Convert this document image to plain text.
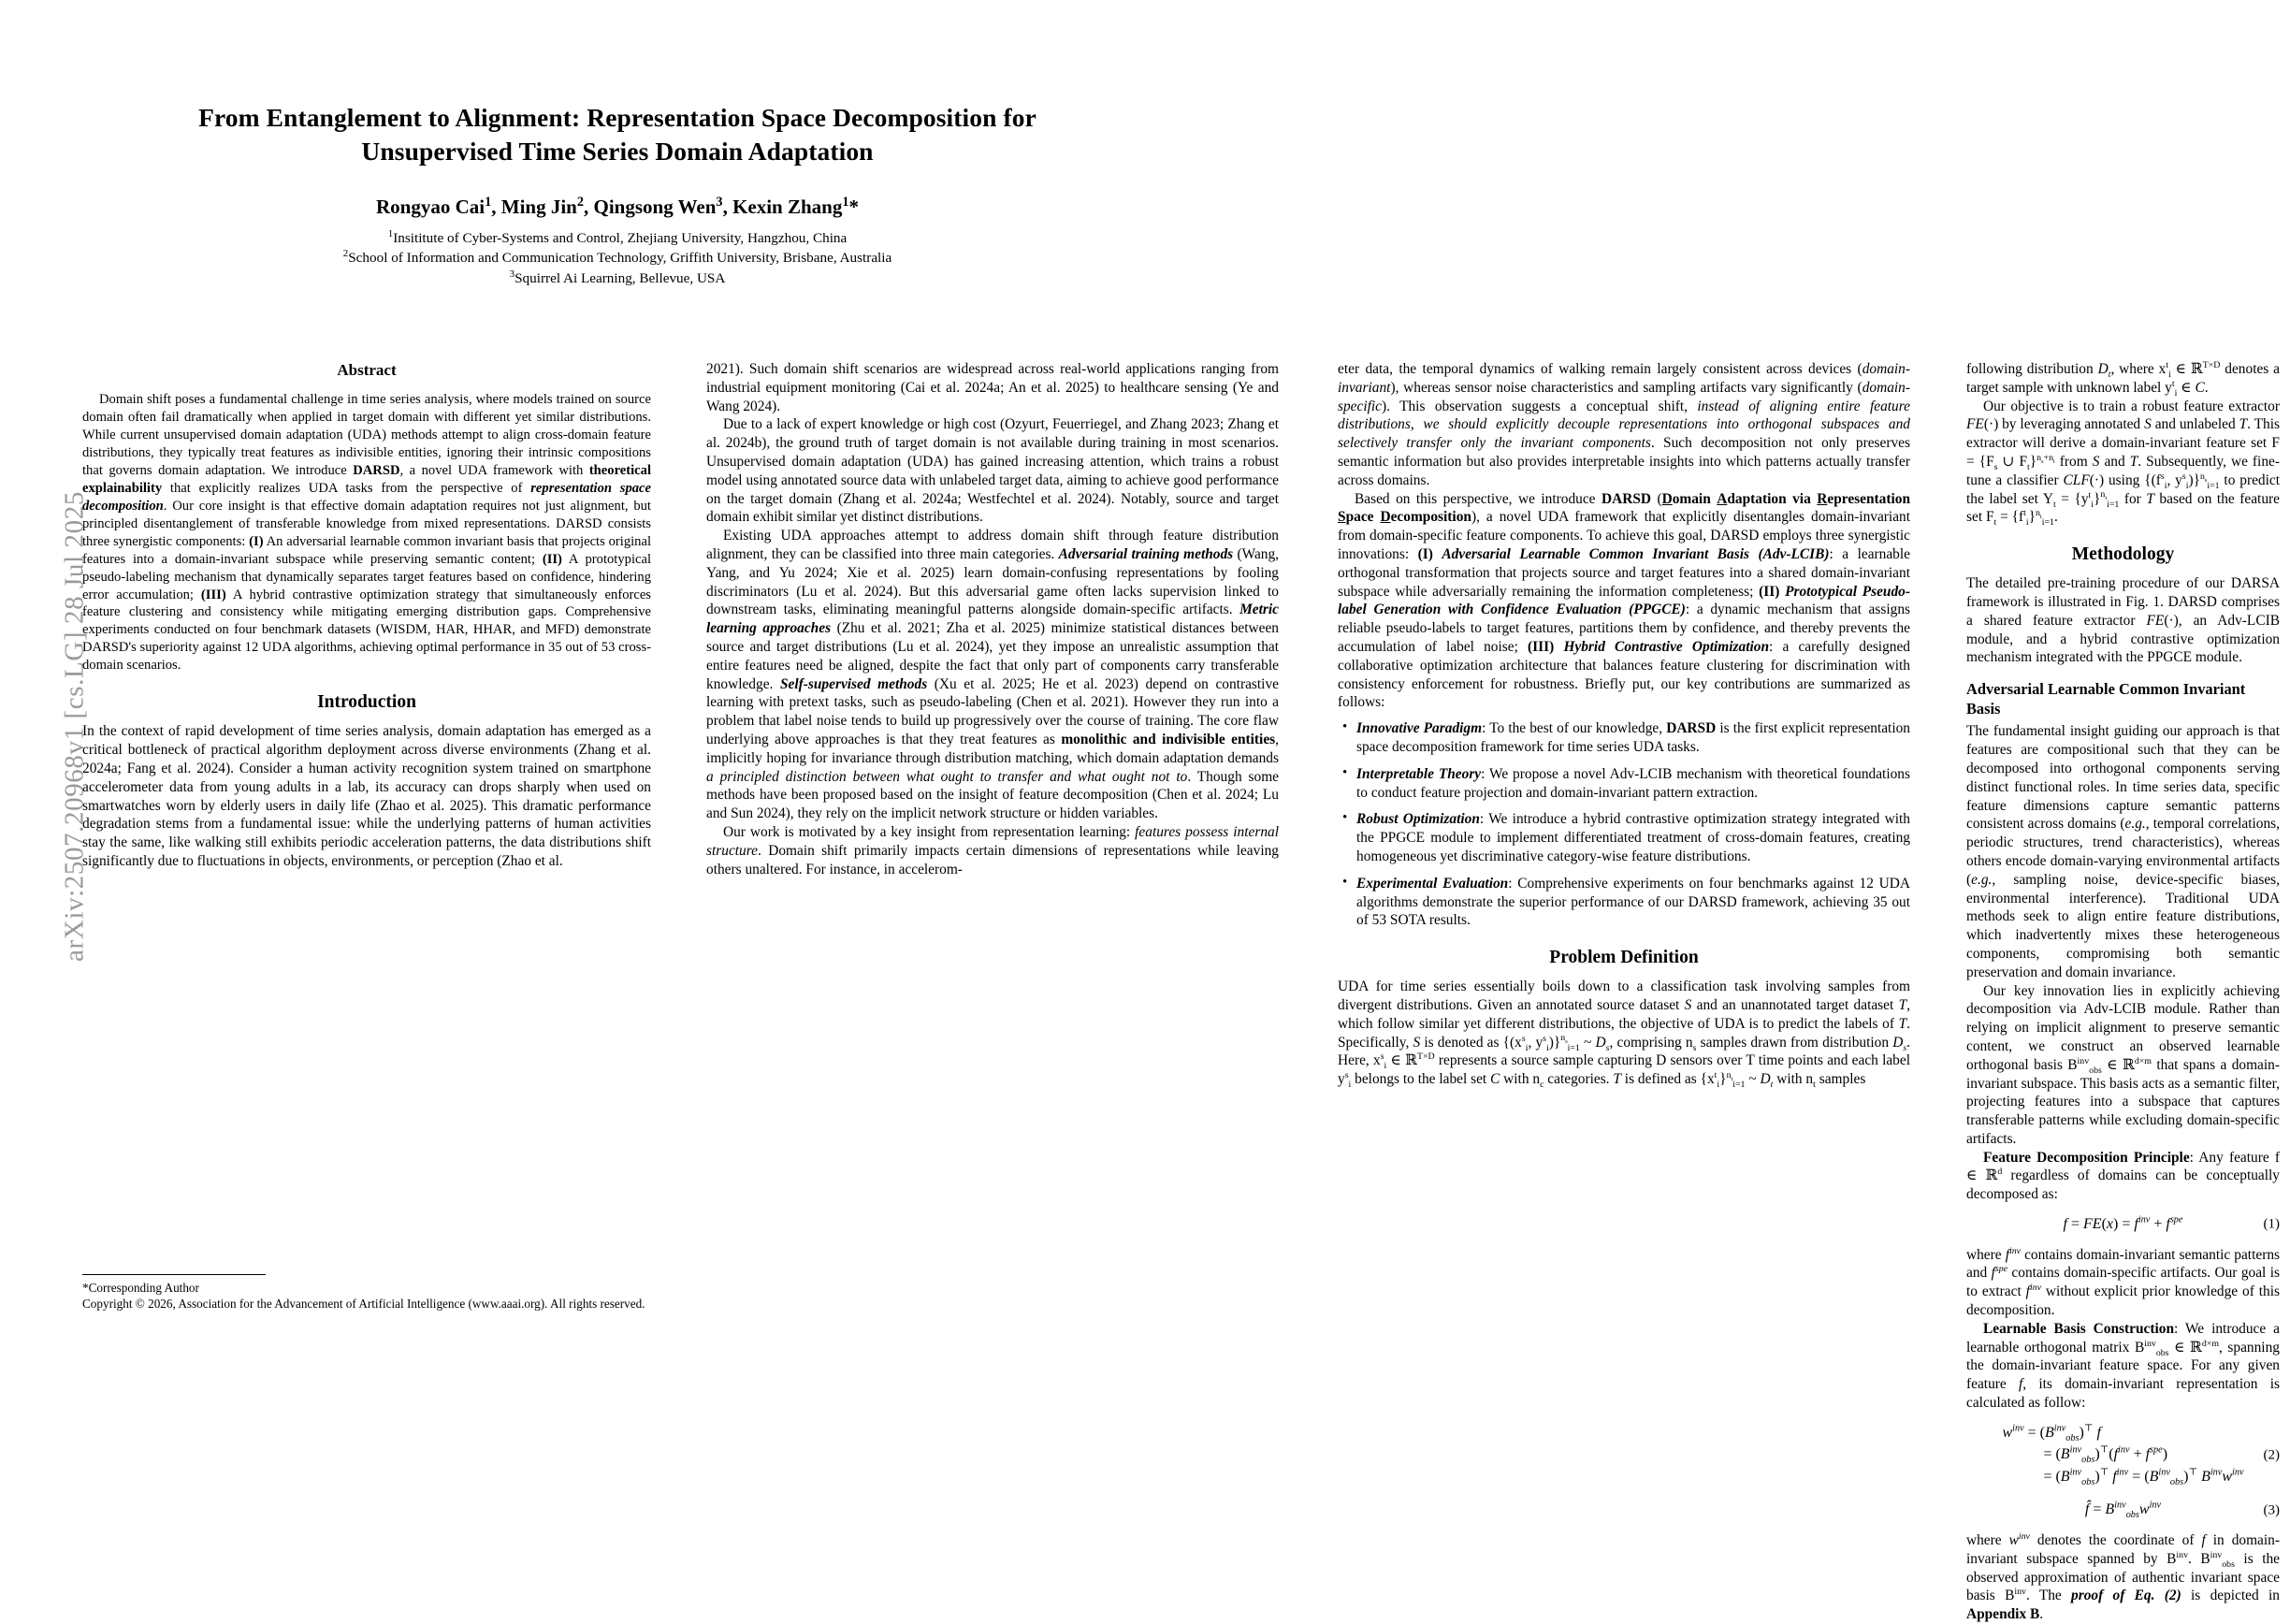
arXiv:2507.20968v1 [cs.LG] 28 Jul 2025
From Entanglement to Alignment: Representation Space Decomposition for
Unsupervised Time Series Domain Adaptation
Rongyao Cai$^1$, Ming Jin$^2$, Qingsong Wen$^3$, Kexin Zhang$^1$*
$^1$Insititute of Cyber-Systems and Control, Zhejiang University, Hangzhou, China
$^2$School of Information and Communication Technology, Griffith University, Brisbane, Australia
$^3$Squirrel Ai Learning, Bellevue, USA
Abstract

Domain shift poses a fundamental challenge in time series analysis, where models trained on source domain often fail dramatically when applied in target domain with different yet similar distributions. While current unsupervised domain adaptation (UDA) methods attempt to align cross-domain feature distributions, they typically treat features as indivisible entities, ignoring their intrinsic compositions that governs domain adaptation. We introduce DARSD, a novel UDA framework with theoretical explainability that explicitly realizes UDA tasks from the perspective of representation space decomposition. Our core insight is that effective domain adaptation requires not just alignment, but principled disentanglement of transferable knowledge from mixed representations. DARSD consists three synergistic components: (I) An adversarial learnable common invariant basis that projects original features into a domain-invariant subspace while preserving semantic content; (II) A prototypical pseudo-labeling mechanism that dynamically separates target features based on confidence, hindering error accumulation; (III) A hybrid contrastive optimization strategy that simultaneously enforces feature clustering and consistency while mitigating emerging distribution gaps. Comprehensive experiments conducted on four benchmark datasets (WISDM, HAR, HHAR, and MFD) demonstrate DARSD's superiority against 12 UDA algorithms, achieving optimal performance in 35 out of 53 cross-domain scenarios.

Introduction

In the context of rapid development of time series analysis, domain adaptation has emerged as a critical bottleneck of practical algorithm deployment across diverse environments (Zhang et al. 2024a; Fang et al. 2024). Consider a human activity recognition system trained on smartphone accelerometer data from young adults in a lab, its accuracy can drops sharply when used on smartwatches worn by elderly users in daily life (Zhao et al. 2025). This dramatic performance degradation stems from a fundamental issue: while the underlying patterns of human activities stay the same, like walking still exhibits periodic acceleration patterns, the data distributions shift significantly due to fluctuations in objects, environments, or perception (Zhao et al.

2021). Such domain shift scenarios are widespread across real-world applications ranging from industrial equipment monitoring (Cai et al. 2024a; An et al. 2025) to healthcare sensing (Ye and Wang 2024).

Due to a lack of expert knowledge or high cost (Ozyurt, Feuerriegel, and Zhang 2023; Zhang et al. 2024b), the ground truth of target domain is not available during training in most scenarios. Unsupervised domain adaptation (UDA) has gained increasing attention, which trains a robust model using annotated source data with unlabeled target data, aiming to achieve good performance on the target domain (Zhang et al. 2024a; Westfechtel et al. 2024). Notably, source and target domain exhibit similar yet distinct distributions.

Existing UDA approaches attempt to address domain shift through feature distribution alignment, they can be classified into three main categories. Adversarial training methods (Wang, Yang, and Yu 2024; Xie et al. 2025) learn domain-confusing representations by fooling discriminators (Lu et al. 2024). But this adversarial game often lacks supervision linked to downstream tasks, eliminating meaningful patterns alongside domain-specific artifacts. Metric learning approaches (Zhu et al. 2021; Zha et al. 2025) minimize statistical distances between source and target distributions (Lu et al. 2024), yet they impose an unrealistic assumption that entire features need be aligned, despite the fact that only part of components carry transferable knowledge. Self-supervised methods (Xu et al. 2025; He et al. 2023) depend on contrastive learning with pretext tasks, such as pseudo-labeling (Chen et al. 2021). However they run into a problem that label noise tends to build up progressively over the course of training. The core flaw underlying above approaches is that they treat features as monolithic and indivisible entities, implicitly hoping for invariance through distribution matching, which domain adaptation demands a principled distinction between what ought to transfer and what ought not to. Though some methods have been proposed based on the insight of feature decomposition (Chen et al. 2024; Lu and Sun 2024), they rely on the implicit network structure or hidden variables.

Our work is motivated by a key insight from representation learning: features possess internal structure. Domain shift primarily impacts certain dimensions of representations while leaving others unaltered. For instance, in accelerom-

eter data, the temporal dynamics of walking remain largely consistent across devices (domain-invariant), whereas sensor noise characteristics and sampling artifacts vary significantly (domain-specific). This observation suggests a conceptual shift, instead of aligning entire feature distributions, we should explicitly decouple representations into orthogonal subspaces and selectively transfer only the invariant components. Such decomposition not only preserves semantic information but also provides interpretable insights into which patterns actually transfer across domains.

Based on this perspective, we introduce DARSD (Domain Adaptation via Representation Space Decomposition), a novel UDA framework that explicitly disentangles domain-invariant from domain-specific feature components. To achieve this goal, DARSD employs three synergistic innovations: (I) Adversarial Learnable Common Invariant Basis (Adv-LCIB): a learnable orthogonal transformation that projects source and target features into a shared domain-invariant subspace while adversarially remaining the information completeness; (II) Prototypical Pseudo-label Generation with Confidence Evaluation (PPGCE): a dynamic mechanism that assigns reliable pseudo-labels to target features, partitions them by confidence, and thereby prevents the accumulation of label noise; (III) Hybrid Contrastive Optimization: a carefully designed collaborative optimization architecture that balances feature clustering for discrimination with consistency enforcement for robustness. Briefly put, our key contributions are summarized as follows:

• Innovative Paradigm: To the best of our knowledge, DARSD is the first explicit representation space decomposition framework for time series UDA tasks.
• Interpretable Theory: We propose a novel Adv-LCIB mechanism with theoretical foundations to conduct feature projection and domain-invariant pattern extraction.
• Robust Optimization: We introduce a hybrid contrastive optimization strategy integrated with the PPGCE module to implement differentiated treatment of cross-domain features, creating homogeneous yet discriminative category-wise feature distributions.
• Experimental Evaluation: Comprehensive experiments on four benchmarks against 12 UDA algorithms demonstrate the superior performance of our DARSD framework, achieving 35 out of 53 SOTA results.
Problem Definition

UDA for time series essentially boils down to a classification task involving samples from divergent distributions. Given an annotated source dataset S and an unannotated target dataset T, which follow similar yet different distributions, the objective of UDA is to predict the labels of T. Specifically, S is denoted as {($x^s_i$, $y^s_i)\}^{n_s}_{i=1}$ ~ $D_s$, comprising $n_s$ samples drawn from distribution $D_s$. Here, $x^s_i$ ∈ ℝ$^{T\times D}$ represents a source sample capturing D sensors over T time points and each label $y^s_i$ belongs to the label set C with $n_c$ categories. T is defined as $\{x^t_i\}^{n_t}_{i=1}$ ~ $D_t$ with $n_t$ samples

following distribution $D_t$, where $x^t_i$ ∈ ℝ$^{T\times D}$ denotes a target sample with unknown label $y^t_i$ ∈ C.

Our objective is to train a robust feature extractor FE(·) by leveraging annotated S and unlabeled T. This extractor will derive a domain-invariant feature set $F = \{F_s$ ∪ $F_t\}^{n_s+n_t}$ from S and T. Subsequently, we fine-tune a classifier CLF(·) using {($f^s_i$, $y^s_i)\}^{n_s}_{i=1}$ to predict the label set $Y_t = \{y^t_i\}^{n_t}_{i=1}$ for T based on the feature set $F_t = \{f^t_i\}^{n_t}_{i=1}$.

Methodology

The detailed pre-training procedure of our DARSA framework is illustrated in Fig. 1. DARSD comprises a shared feature extractor FE(·), an Adv-LCIB module, and a hybrid contrastive optimization mechanism integrated with the PPGCE module.

Adversarial Learnable Common Invariant Basis

The fundamental insight guiding our approach is that features are compositional such that they can be decomposed into orthogonal components serving distinct functional roles. In time series data, specific feature dimensions capture semantic patterns consistent across domains (e.g., temporal correlations, periodic structures, trend characteristics), whereas others encode domain-varying environmental artifacts (e.g., sampling noise, device-specific biases, environmental interference). Traditional UDA methods seek to align entire feature distributions, which inadvertently mixes these heterogeneous components, compromising both semantic preservation and domain invariance.

Our key innovation lies in explicitly achieving decomposition via Adv-LCIB module. Rather than relying on implicit alignment to preserve semantic content, we construct an observed learnable orthogonal basis $B^{inv}_{obs}$ ∈ ℝ$^{d\times m}$ that spans a domain-invariant subspace. This basis acts as a semantic filter, projecting features into a subspace that captures transferable patterns while excluding domain-specific artifacts.

Feature Decomposition Principle: Any feature f ∈ ℝ$^d$ regardless of domains can be conceptually decomposed as:

$f = FE(x) = f^{inv} + f^{spe}$	(1)

where $f^{inv}$ contains domain-invariant semantic patterns and $f^{spe}$ contains domain-specific artifacts. Our goal is to extract $f^{inv}$ without explicit prior knowledge of this decomposition.

Learnable Basis Construction: We introduce a learnable orthogonal matrix $B^{inv}_{obs}$ ∈ ℝ$^{d\times m}$, spanning the domain-invariant feature space. For any given feature f, its domain-invariant representation is calculated as follow:

$w^{inv} = (B^{inv}_{obs})^⊤$ f
= $(B^{inv}_{obs})^⊤(f^{inv} + f^{spe})$
= $(B^{inv}_{obs})^⊤$ $f^{inv} = (B^{inv}_{obs})^⊤$ $B^{inv}w^{inv}$
(2)
f̂ = $B^{inv}_{obs}w^{inv}$	(3)

where $w^{inv}$ denotes the coordinate of f in domain-invariant subspace spanned by $B^{inv}$. $B^{inv}_{obs}$ is the observed approximation of authentic invariant space basis $B^{inv}$. The proof of Eq. (2) is depicted in Appendix B.

*Corresponding Author

Copyright © 2026, Association for the Advancement of Artificial Intelligence (www.aaai.org). All rights reserved.
